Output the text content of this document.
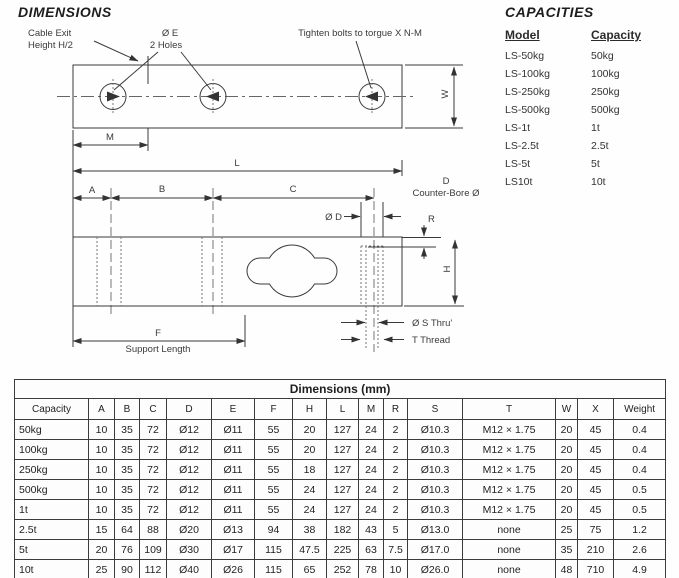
DIMENSIONS
Cable Exit
Height H/2
Ø E
2 Holes
Tighten bolts to torgue X N-M
W
M
L
A	B	C
Ø D
D
Counter-Bore Ø
R
H
F
Support Length
Ø S Thru'
T Thread
CAPACITIES
Model	Capacity
LS-50kg	50kg
LS-100kg	100kg
LS-250kg	250kg
LS-500kg	500kg
LS-1t	1t
LS-2.5t	2.5t
LS-5t	5t
LS10t	10t
Dimensions (mm)															
Capacity	A	B	C	D	E	F	H	L	M	R	S	T	W	X	Weight
50kg	10	35	72	Ø12	Ø11	55	20	127	24	2	Ø10.3	M12 × 1.75	20	45	0.4
100kg	10	35	72	Ø12	Ø11	55	20	127	24	2	Ø10.3	M12 × 1.75	20	45	0.4
250kg	10	35	72	Ø12	Ø11	55	18	127	24	2	Ø10.3	M12 × 1.75	20	45	0.4
500kg	10	35	72	Ø12	Ø11	55	24	127	24	2	Ø10.3	M12 × 1.75	20	45	0.5
1t	10	35	72	Ø12	Ø11	55	24	127	24	2	Ø10.3	M12 × 1.75	20	45	0.5
2.5t	15	64	88	Ø20	Ø13	94	38	182	43	5	Ø13.0	none	25	75	1.2
5t	20	76	109	Ø30	Ø17	115	47.5	225	63	7.5	Ø17.0	none	35	210	2.6
10t	25	90	112	Ø40	Ø26	115	65	252	78	10	Ø26.0	none	48	710	4.9
